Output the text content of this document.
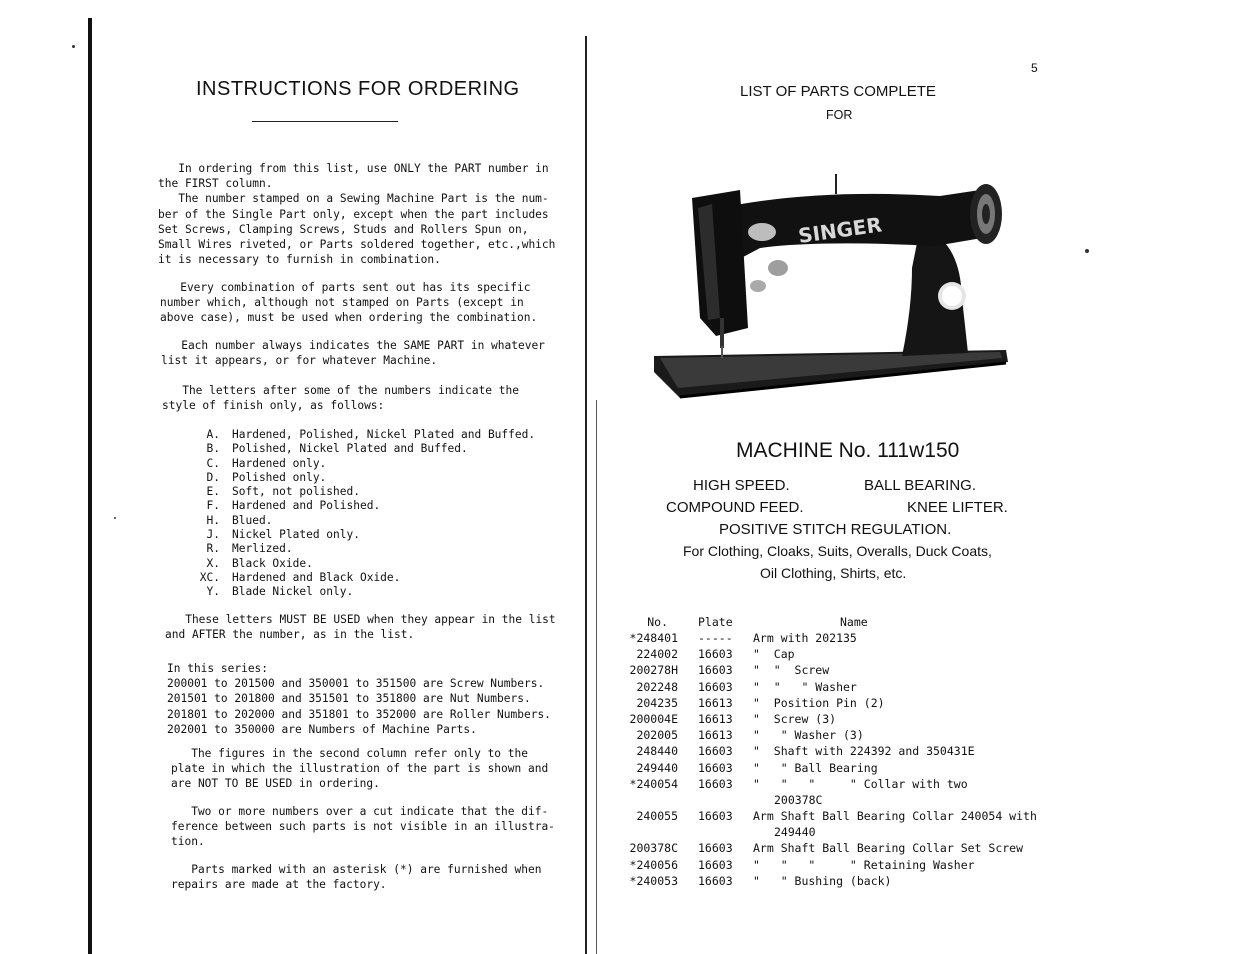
INSTRUCTIONS FOR ORDERING
In ordering from this list, use ONLY the PART number in
the FIRST column.
The number stamped on a Sewing Machine Part is the num-
ber of the Single Part only, except when the part includes
Set Screws, Clamping Screws, Studs and Rollers Spun on,
Small Wires riveted, or Parts soldered together, etc.,which
it is necessary to furnish in combination.
Every combination of parts sent out has its specific
number which, although not stamped on Parts (except in
above case), must be used when ordering the combination.
Each number always indicates the SAME PART in whatever
list it appears, or for whatever Machine.
The letters after some of the numbers indicate the
style of finish only, as follows:
A. Hardened, Polished, Nickel Plated and Buffed.
B. Polished, Nickel Plated and Buffed.
C. Hardened only.
D. Polished only.
E. Soft, not polished.
F. Hardened and Polished.
H. Blued.
J. Nickel Plated only.
R. Merlized.
X. Black Oxide.
XC. Hardened and Black Oxide.
Y. Blade Nickel only.
These letters MUST BE USED when they appear in the list
and AFTER the number, as in the list.
In this series:
200001 to 201500 and 350001 to 351500 are Screw Numbers.
201501 to 201800 and 351501 to 351800 are Nut Numbers.
201801 to 202000 and 351801 to 352000 are Roller Numbers.
202001 to 350000 are Numbers of Machine Parts.
The figures in the second column refer only to the
plate in which the illustration of the part is shown and
are NOT TO BE USED in ordering.
Two or more numbers over a cut indicate that the dif-
ference between such parts is not visible in an illustra-
tion.
Parts marked with an asterisk (*) are furnished when
repairs are made at the factory.
5
LIST OF PARTS COMPLETE
FOR
SINGER
MACHINE No. 111w150
HIGH SPEED.	BALL BEARING.
COMPOUND FEED.	KNEE LIFTER.
POSITIVE STITCH REGULATION.
For Clothing, Cloaks, Suits, Overalls, Duck Coats,
Oil Clothing, Shirts, etc.
No.	Plate	Name
*248401	-----	Arm with 202135
224002	16603	"  Cap
200278H	16603	"  "  Screw
202248	16603	"  "   " Washer
204235	16613	"  Position Pin (2)
200004E	16613	"  Screw (3)
202005	16613	"   " Washer (3)
248440	16603	"  Shaft with 224392 and 350431E
249440	16603	"   " Ball Bearing
*240054	16603	"   "   "     " Collar with two
200378C
240055	16603	Arm Shaft Ball Bearing Collar 240054 with
249440
200378C	16603	Arm Shaft Ball Bearing Collar Set Screw
*240056	16603	"   "   "     " Retaining Washer
*240053	16603	"   " Bushing (back)
